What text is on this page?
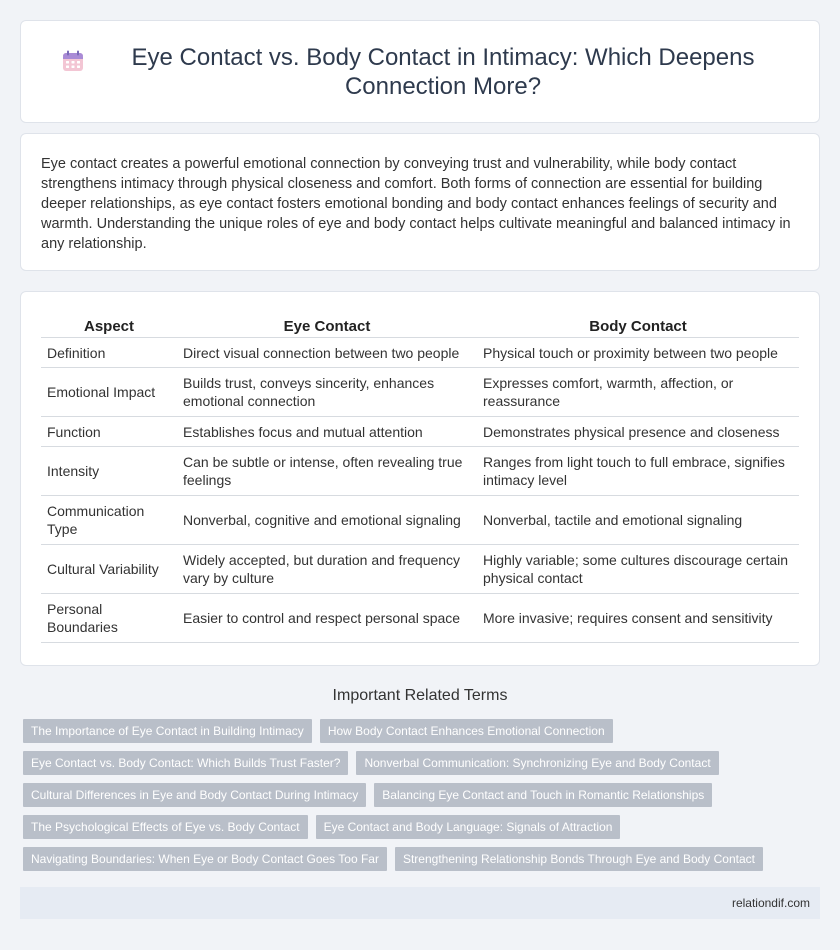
Eye Contact vs. Body Contact in Intimacy: Which Deepens Connection More?

Eye contact creates a powerful emotional connection by conveying trust and vulnerability, while body contact strengthens intimacy through physical closeness and comfort. Both forms of connection are essential for building deeper relationships, as eye contact fosters emotional bonding and body contact enhances feelings of security and warmth. Understanding the unique roles of eye and body contact helps cultivate meaningful and balanced intimacy in any relationship.

Aspect	Eye Contact	Body Contact
Definition	Direct visual connection between two people	Physical touch or proximity between two people
Emotional Impact	Builds trust, conveys sincerity, enhances emotional connection	Expresses comfort, warmth, affection, or reassurance
Function	Establishes focus and mutual attention	Demonstrates physical presence and closeness
Intensity	Can be subtle or intense, often revealing true feelings	Ranges from light touch to full embrace, signifies intimacy level
Communication Type	Nonverbal, cognitive and emotional signaling	Nonverbal, tactile and emotional signaling
Cultural Variability	Widely accepted, but duration and frequency vary by culture	Highly variable; some cultures discourage certain physical contact
Personal Boundaries	Easier to control and respect personal space	More invasive; requires consent and sensitivity
Important Related Terms
The Importance of Eye Contact in Building Intimacy	How Body Contact Enhances Emotional Connection
Eye Contact vs. Body Contact: Which Builds Trust Faster?	Nonverbal Communication: Synchronizing Eye and Body Contact
Cultural Differences in Eye and Body Contact During Intimacy	Balancing Eye Contact and Touch in Romantic Relationships
The Psychological Effects of Eye vs. Body Contact	Eye Contact and Body Language: Signals of Attraction
Navigating Boundaries: When Eye or Body Contact Goes Too Far	Strengthening Relationship Bonds Through Eye and Body Contact
relationdif.com
